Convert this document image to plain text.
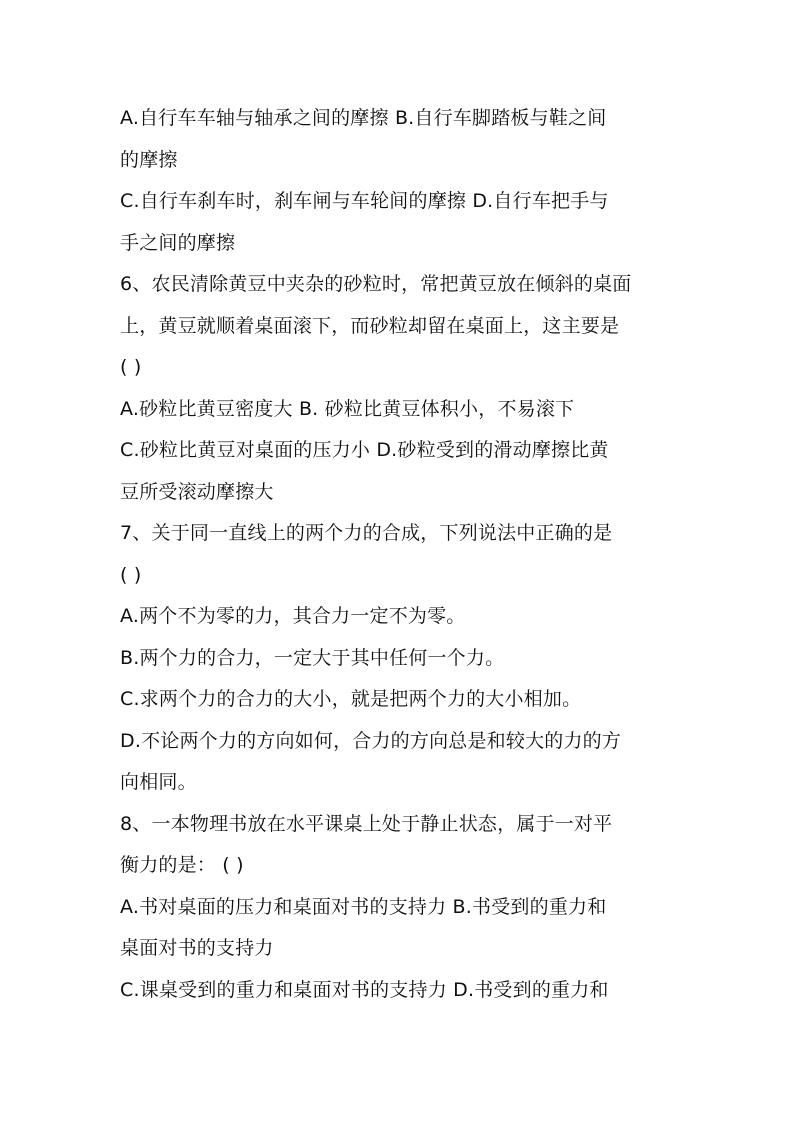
A.自行车车轴与轴承之间的摩擦 B.自行车脚踏板与鞋之间
的摩擦
C.自行车刹车时，刹车闸与车轮间的摩擦 D.自行车把手与
手之间的摩擦
6、农民清除黄豆中夹杂的砂粒时，常把黄豆放在倾斜的桌面
上，黄豆就顺着桌面滚下，而砂粒却留在桌面上，这主要是
( )
A.砂粒比黄豆密度大 B. 砂粒比黄豆体积小，不易滚下
C.砂粒比黄豆对桌面的压力小 D.砂粒受到的滑动摩擦比黄
豆所受滚动摩擦大
7、关于同一直线上的两个力的合成，下列说法中正确的是
( )
A.两个不为零的力，其合力一定不为零。
B.两个力的合力，一定大于其中任何一个力。
C.求两个力的合力的大小，就是把两个力的大小相加。
D.不论两个力的方向如何，合力的方向总是和较大的力的方
向相同。
8、一本物理书放在水平课桌上处于静止状态，属于一对平
衡力的是： ( )
A.书对桌面的压力和桌面对书的支持力 B.书受到的重力和
桌面对书的支持力
C.课桌受到的重力和桌面对书的支持力 D.书受到的重力和
